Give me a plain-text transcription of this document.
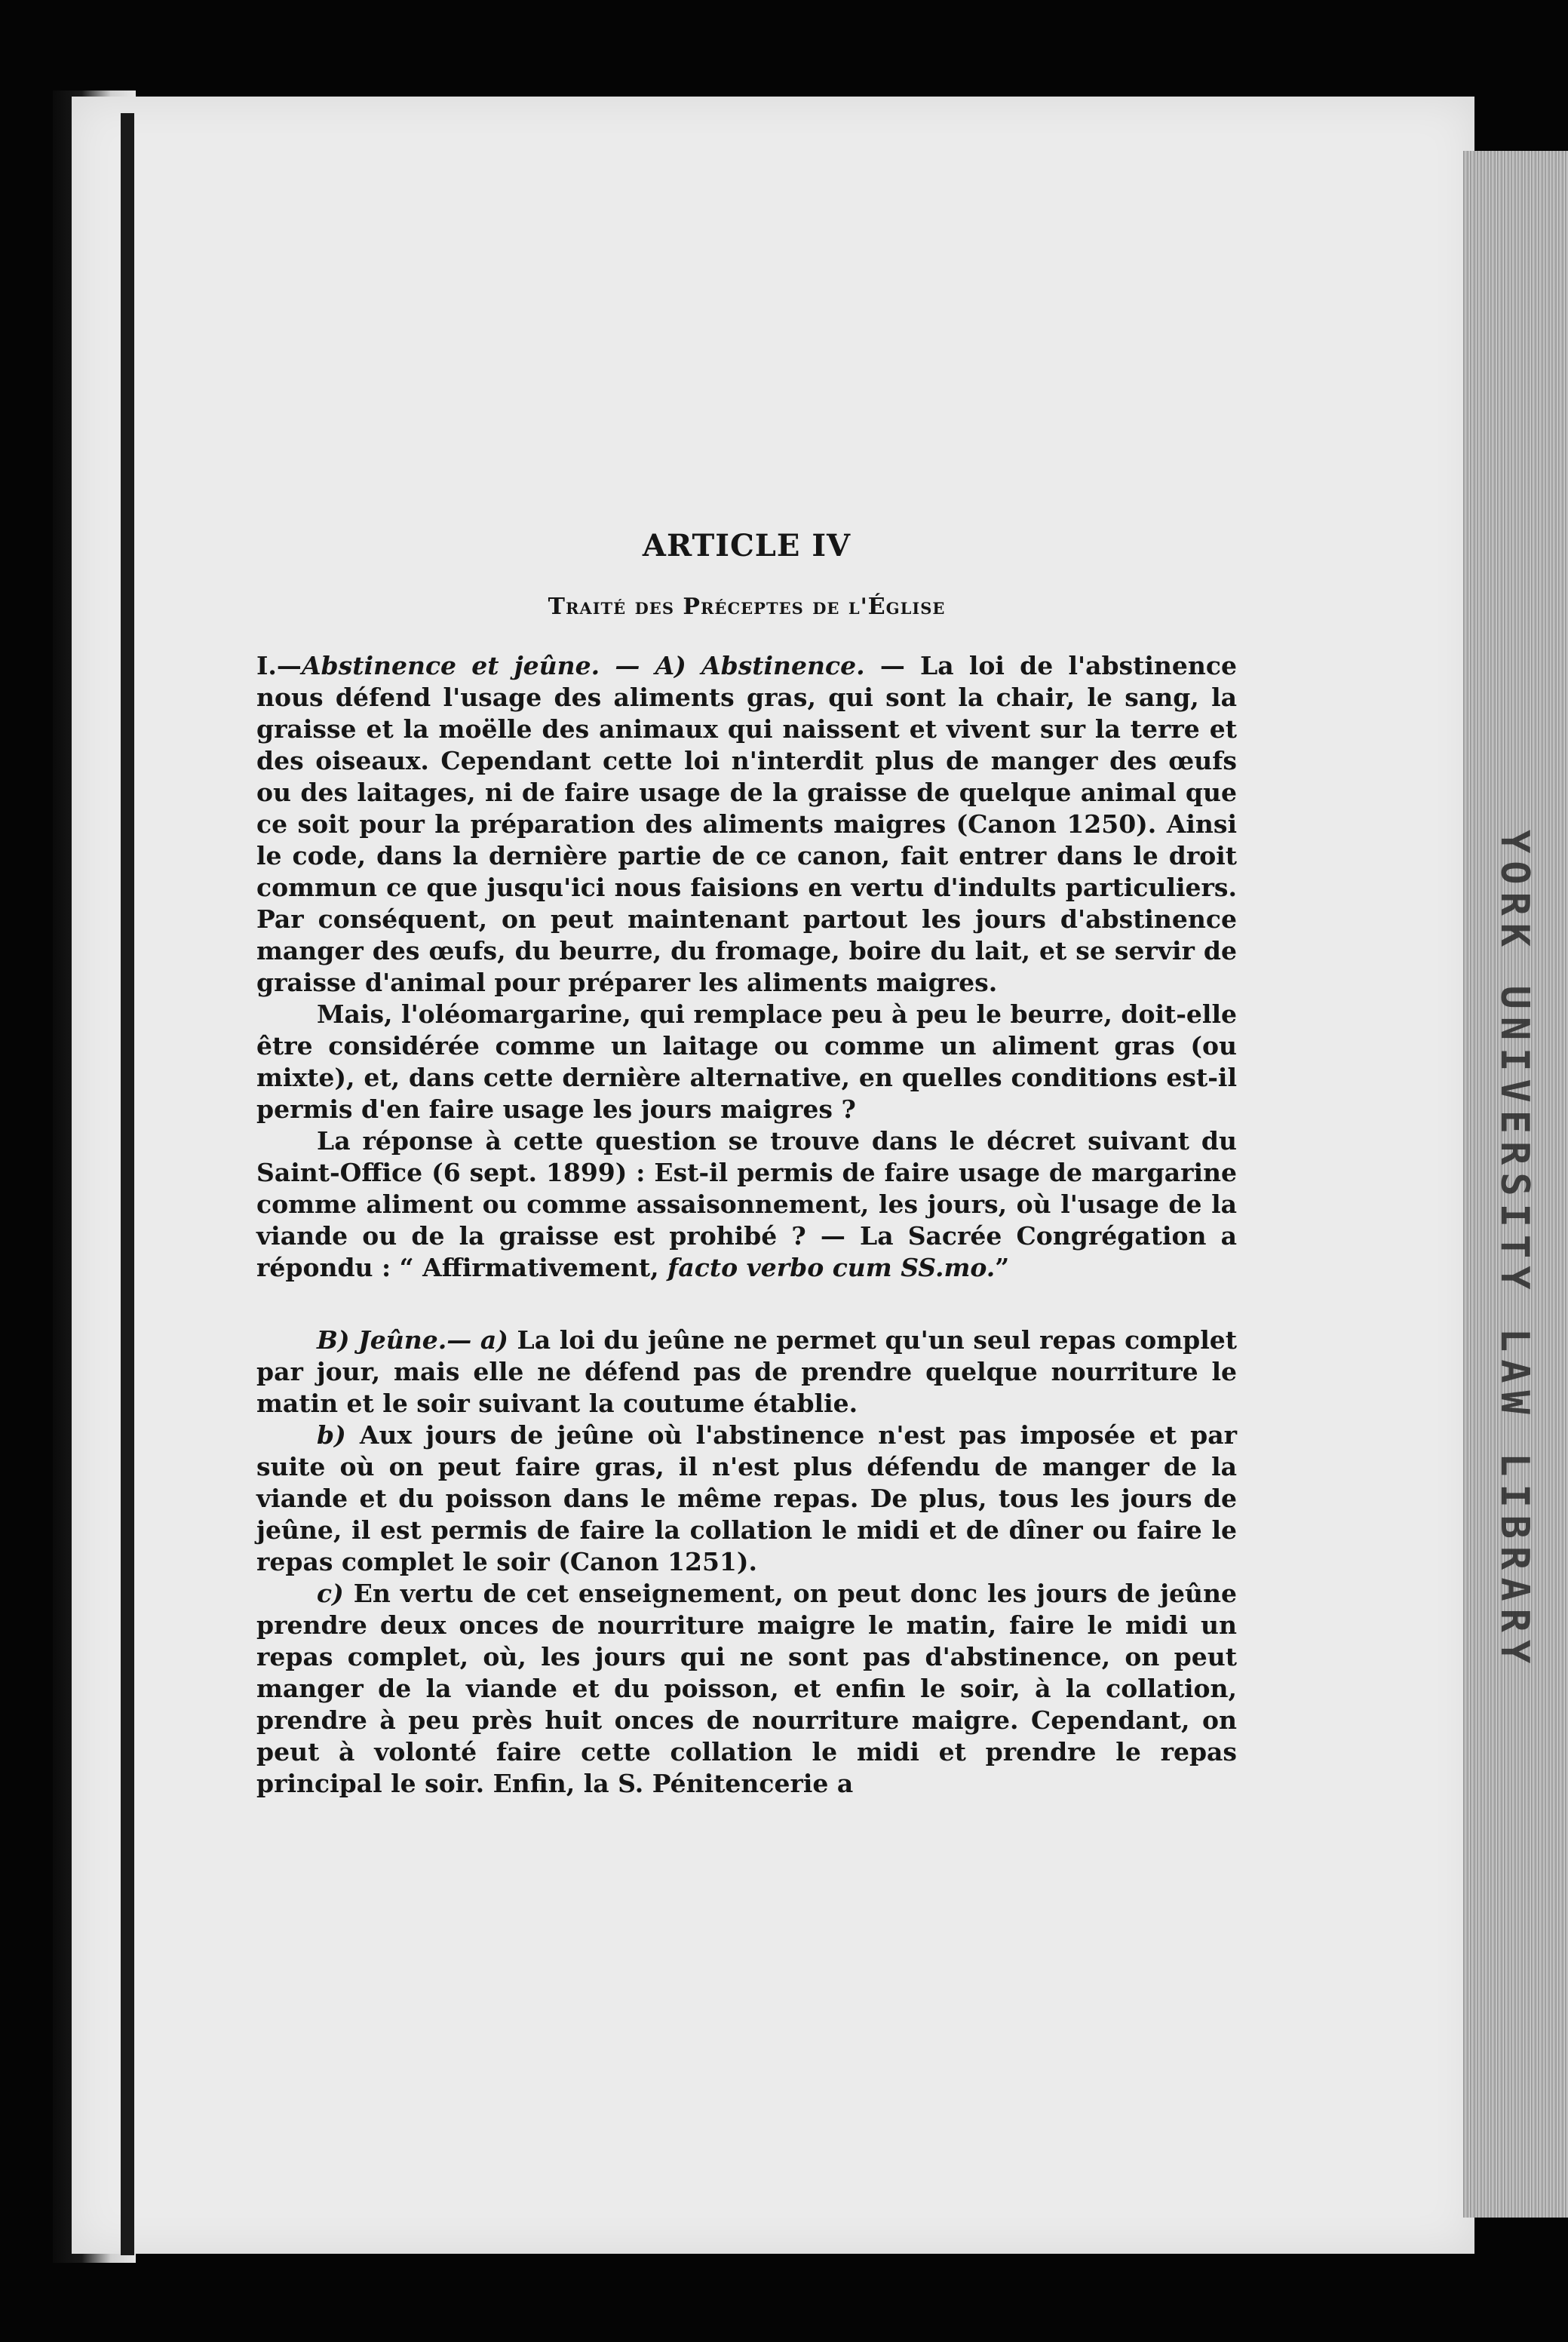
YORK UNIVERSITY LAW LIBRARY
ARTICLE IV
Traité des Préceptes de l'Église

I.—Abstinence et jeûne. — A) Abstinence. — La loi de l'abstinence nous défend l'usage des aliments gras, qui sont la chair, le sang, la graisse et la moëlle des animaux qui naissent et vivent sur la terre et des oiseaux. Cependant cette loi n'interdit plus de manger des œufs ou des laitages, ni de faire usage de la graisse de quelque animal que ce soit pour la préparation des aliments maigres (Canon 1250). Ainsi le code, dans la dernière partie de ce canon, fait entrer dans le droit commun ce que jusqu'ici nous faisions en vertu d'indults particuliers. Par conséquent, on peut maintenant partout les jours d'abstinence manger des œufs, du beurre, du fromage, boire du lait, et se servir de graisse d'animal pour préparer les aliments maigres.

Mais, l'oléomargarine, qui remplace peu à peu le beurre, doit-elle être considérée comme un laitage ou comme un aliment gras (ou mixte), et, dans cette dernière alternative, en quelles conditions est-il permis d'en faire usage les jours maigres ?

La réponse à cette question se trouve dans le décret suivant du Saint-Office (6 sept. 1899) : Est-il permis de faire usage de margarine comme aliment ou comme assaisonnement, les jours, où l'usage de la viande ou de la graisse est prohibé ? — La Sacrée Congrégation a répondu : “ Affirmativement, facto verbo cum SS.mo.”

B) Jeûne.— a) La loi du jeûne ne permet qu'un seul repas complet par jour, mais elle ne défend pas de prendre quelque nourriture le matin et le soir suivant la coutume établie.

b) Aux jours de jeûne où l'abstinence n'est pas imposée et par suite où on peut faire gras, il n'est plus défendu de manger de la viande et du poisson dans le même repas. De plus, tous les jours de jeûne, il est permis de faire la collation le midi et de dîner ou faire le repas complet le soir (Canon 1251).

c) En vertu de cet enseignement, on peut donc les jours de jeûne prendre deux onces de nourriture maigre le matin, faire le midi un repas complet, où, les jours qui ne sont pas d'abstinence, on peut manger de la viande et du poisson, et enfin le soir, à la collation, prendre à peu près huit onces de nourriture maigre. Cependant, on peut à volonté faire cette collation le midi et prendre le repas principal le soir. Enfin, la S. Pénitencerie a
